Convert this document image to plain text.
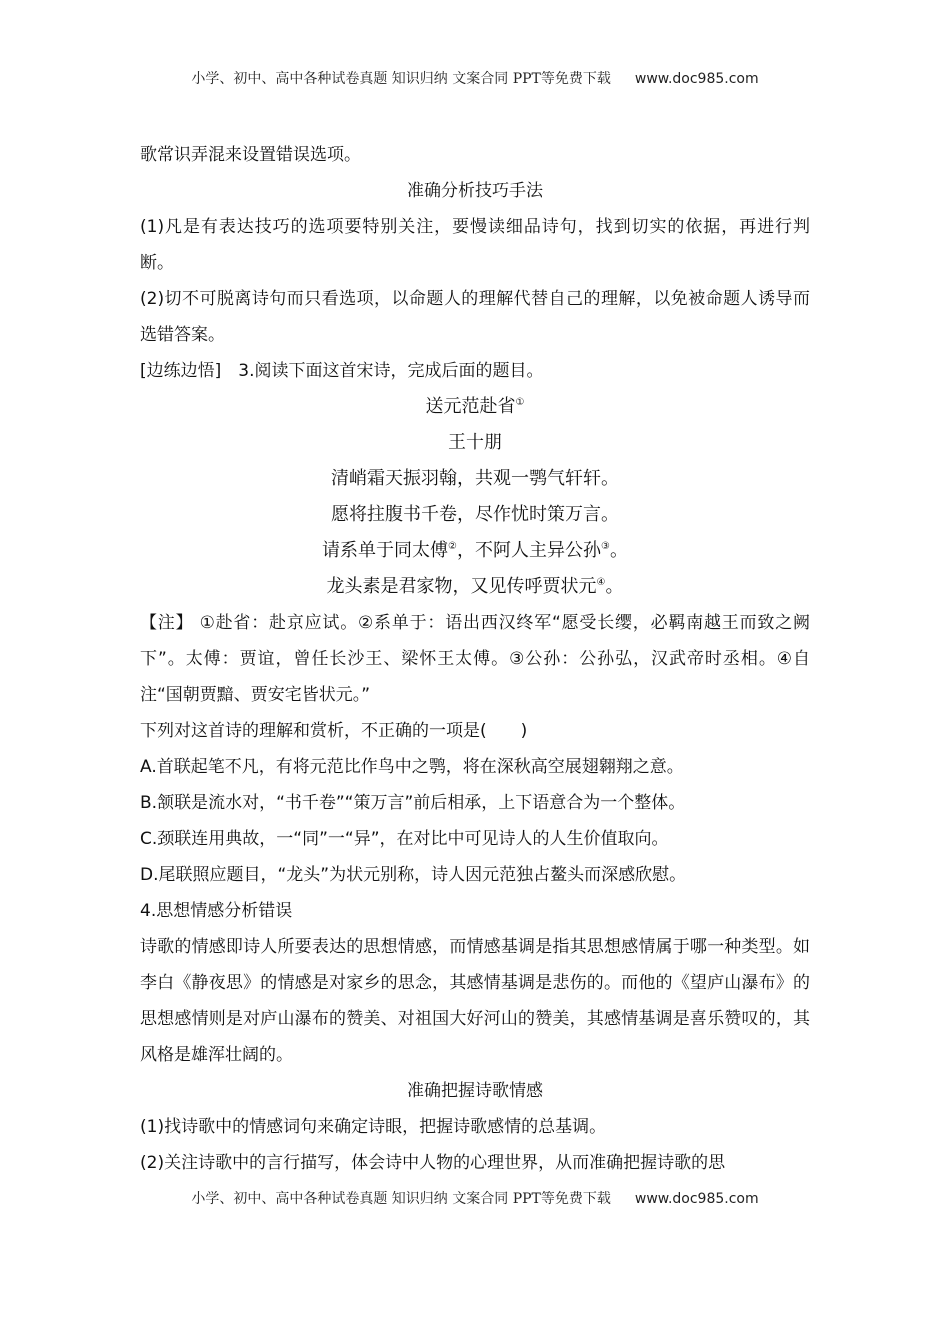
小学、初中、高中各种试卷真题 知识归纳 文案合同 PPT等免费下载 www.doc985.com

歌常识弄混来设置错误选项。

准确分析技巧手法

(1)凡是有表达技巧的选项要特别关注，要慢读细品诗句，找到切实的依据，再进行判断。

(2)切不可脱离诗句而只看选项，以命题人的理解代替自己的理解，以免被命题人诱导而选错答案。

[边练边悟]　3.阅读下面这首宋诗，完成后面的题目。

送元范赴省①

王十朋

清峭霜天振羽翰，共观一鹗气轩轩。

愿将拄腹书千卷，尽作忧时策万言。

请系单于同太傅②，不阿人主异公孙③。

龙头素是君家物，又见传呼贾状元④。

【注】 ①赴省：赴京应试。②系单于：语出西汉终军“愿受长缨，必羁南越王而致之阙下”。太傅：贾谊，曾任长沙王、梁怀王太傅。③公孙：公孙弘，汉武帝时丞相。④自注“国朝贾黯、贾安宅皆状元。”

下列对这首诗的理解和赏析，不正确的一项是(　　)

A.首联起笔不凡，有将元范比作鸟中之鹗，将在深秋高空展翅翱翔之意。

B.颔联是流水对，“书千卷”“策万言”前后相承，上下语意合为一个整体。

C.颈联连用典故，一“同”一“异”，在对比中可见诗人的人生价值取向。

D.尾联照应题目，“龙头”为状元别称，诗人因元范独占鳌头而深感欣慰。

4.思想情感分析错误

诗歌的情感即诗人所要表达的思想情感，而情感基调是指其思想感情属于哪一种类型。如李白《静夜思》的情感是对家乡的思念，其感情基调是悲伤的。而他的《望庐山瀑布》的思想感情则是对庐山瀑布的赞美、对祖国大好河山的赞美，其感情基调是喜乐赞叹的，其风格是雄浑壮阔的。

准确把握诗歌情感

(1)找诗歌中的情感词句来确定诗眼，把握诗歌感情的总基调。

(2)关注诗歌中的言行描写，体会诗中人物的心理世界，从而准确把握诗歌的思

小学、初中、高中各种试卷真题 知识归纳 文案合同 PPT等免费下载 www.doc985.com
